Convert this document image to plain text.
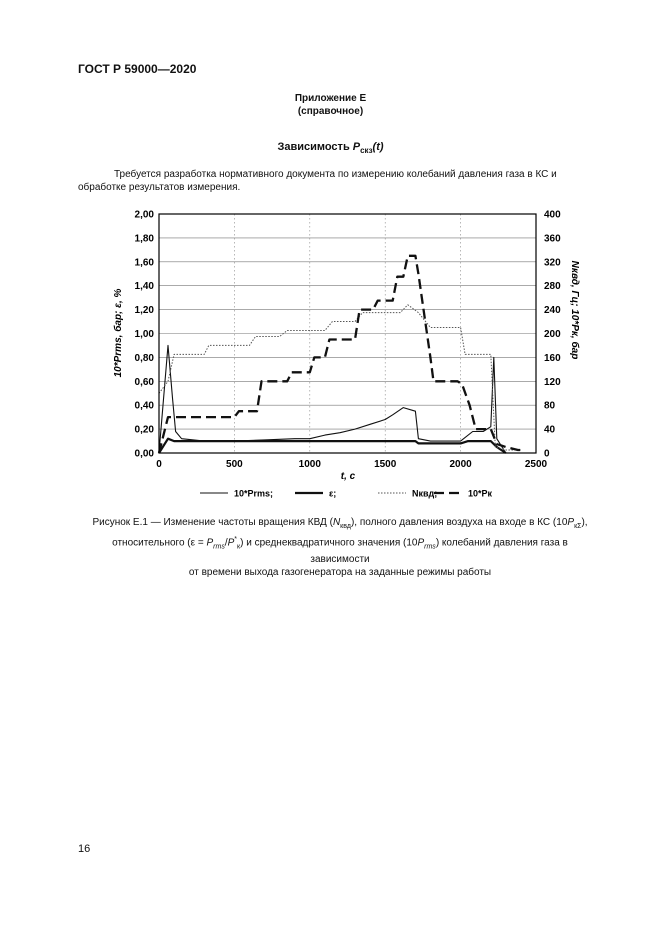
ГОСТ Р 59000—2020
Приложение Е
(справочное)
Зависимость $P_{скз}(t)$
Требуется разработка нормативного документа по измерению колебаний давления газа в КС и обработке результатов измерения.
0,00	0
0,20	40
0,40	80
0,60	120
0,80	160
1,00	200
1,20	240
1,40	280
1,60	320
1,80	360
2,00	400
0	500	1000	1500	2000	2500
t, с
10*Prms, бар; ε, %	Nквд, Гц; 10*Pк, бар
10*Prms;	ε;	Nквд;	10*Pк
Рисунок Е.1 — Изменение частоты вращения КВД $(N_{квд})$, полного давления воздуха на входе в КС $(10P_{к\Sigma})$,
относительного $(\varepsilon = P_{rms}/P^*_к)$ и среднеквадратичного значения $(10P_{rms})$ колебаний давления газа в зависимости
от времени выхода газогенератора на заданные режимы работы
16
